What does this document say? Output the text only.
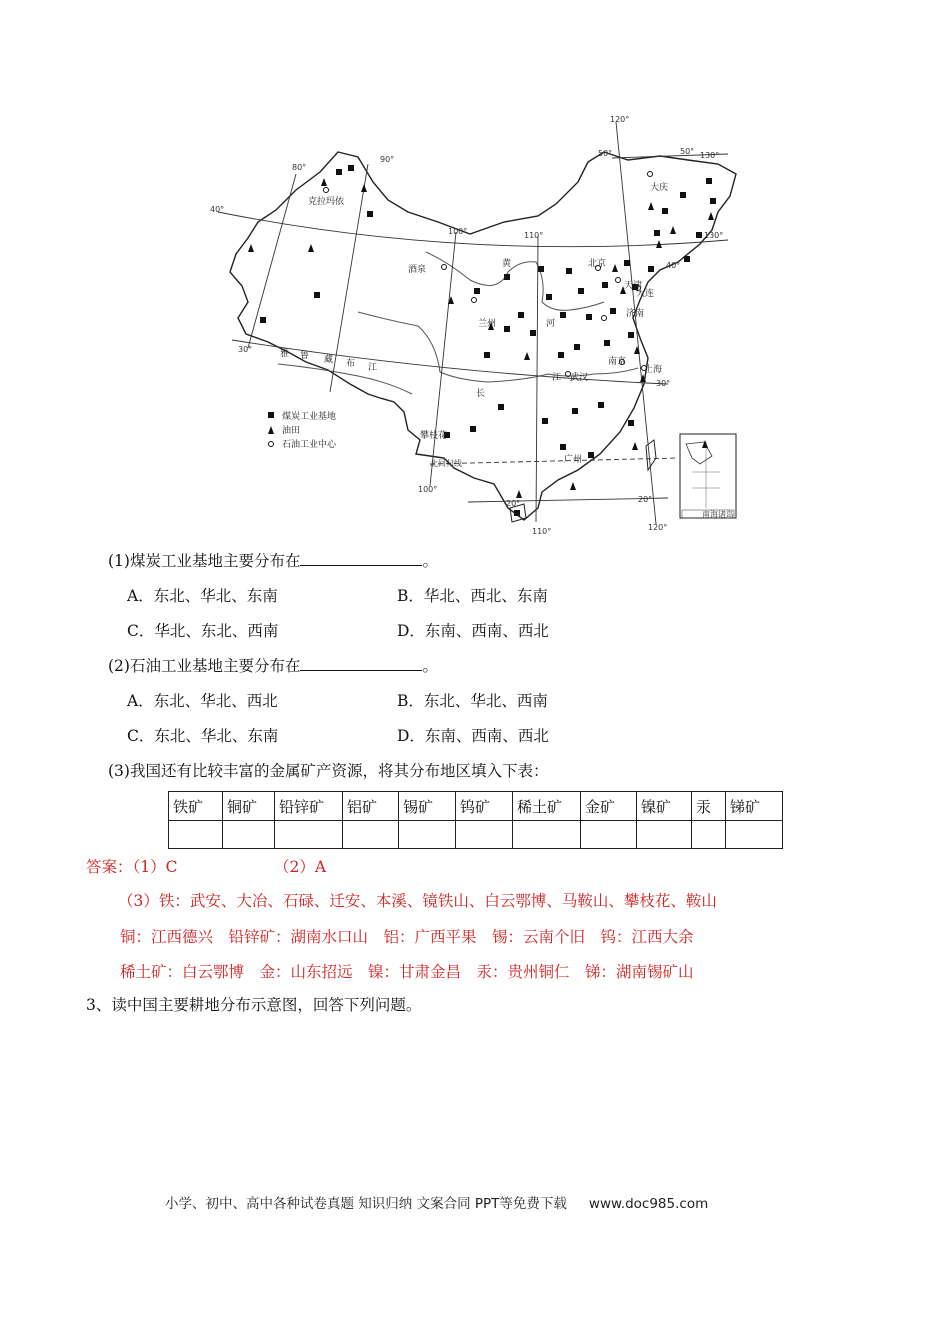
克拉玛依
酒泉
黄
河
北京
天津
大连
济南
大庆
兰州
南京
上海
武汉
江
长
攀枝花
广州
雅 鲁 藏 布 江
北回归线
80°
90°
40°
100°	110°
120°
50°	50° 130°
130°
40°
30°
30°
20°
20°
100°
110°	120°
煤炭工业基地
油田
石油工业中心
南海诸岛
(1)煤炭工业基地主要分布在	。
A．东北、华北、东南	B．华北、西北、东南
C．华北、东北、西南	D．东南、西南、西北
(2)石油工业基地主要分布在	。
A．东北、华北、西北	B．东北、华北、西南
C．东北、华北、东南	D．东南、西南、西北
(3)我国还有比较丰富的金属矿产资源，将其分布地区填入下表：
铁矿	铜矿	铅锌矿	铝矿	锡矿	钨矿	稀土矿	金矿	镍矿	汞	锑矿

答案：（1）C	（2）A
（3）铁：武安、大冶、石碌、迁安、本溪、镜铁山、白云鄂博、马鞍山、攀枝花、鞍山
铜：江西德兴　铅锌矿：湖南水口山　铝：广西平果　锡：云南个旧　钨：江西大余
稀土矿：白云鄂博　金：山东招远　镍：甘肃金昌　汞：贵州铜仁　锑：湖南锡矿山
3、读中国主要耕地分布示意图，回答下列问题。
小学、初中、高中各种试卷真题 知识归纳 文案合同 PPT等免费下载 www.doc985.com
